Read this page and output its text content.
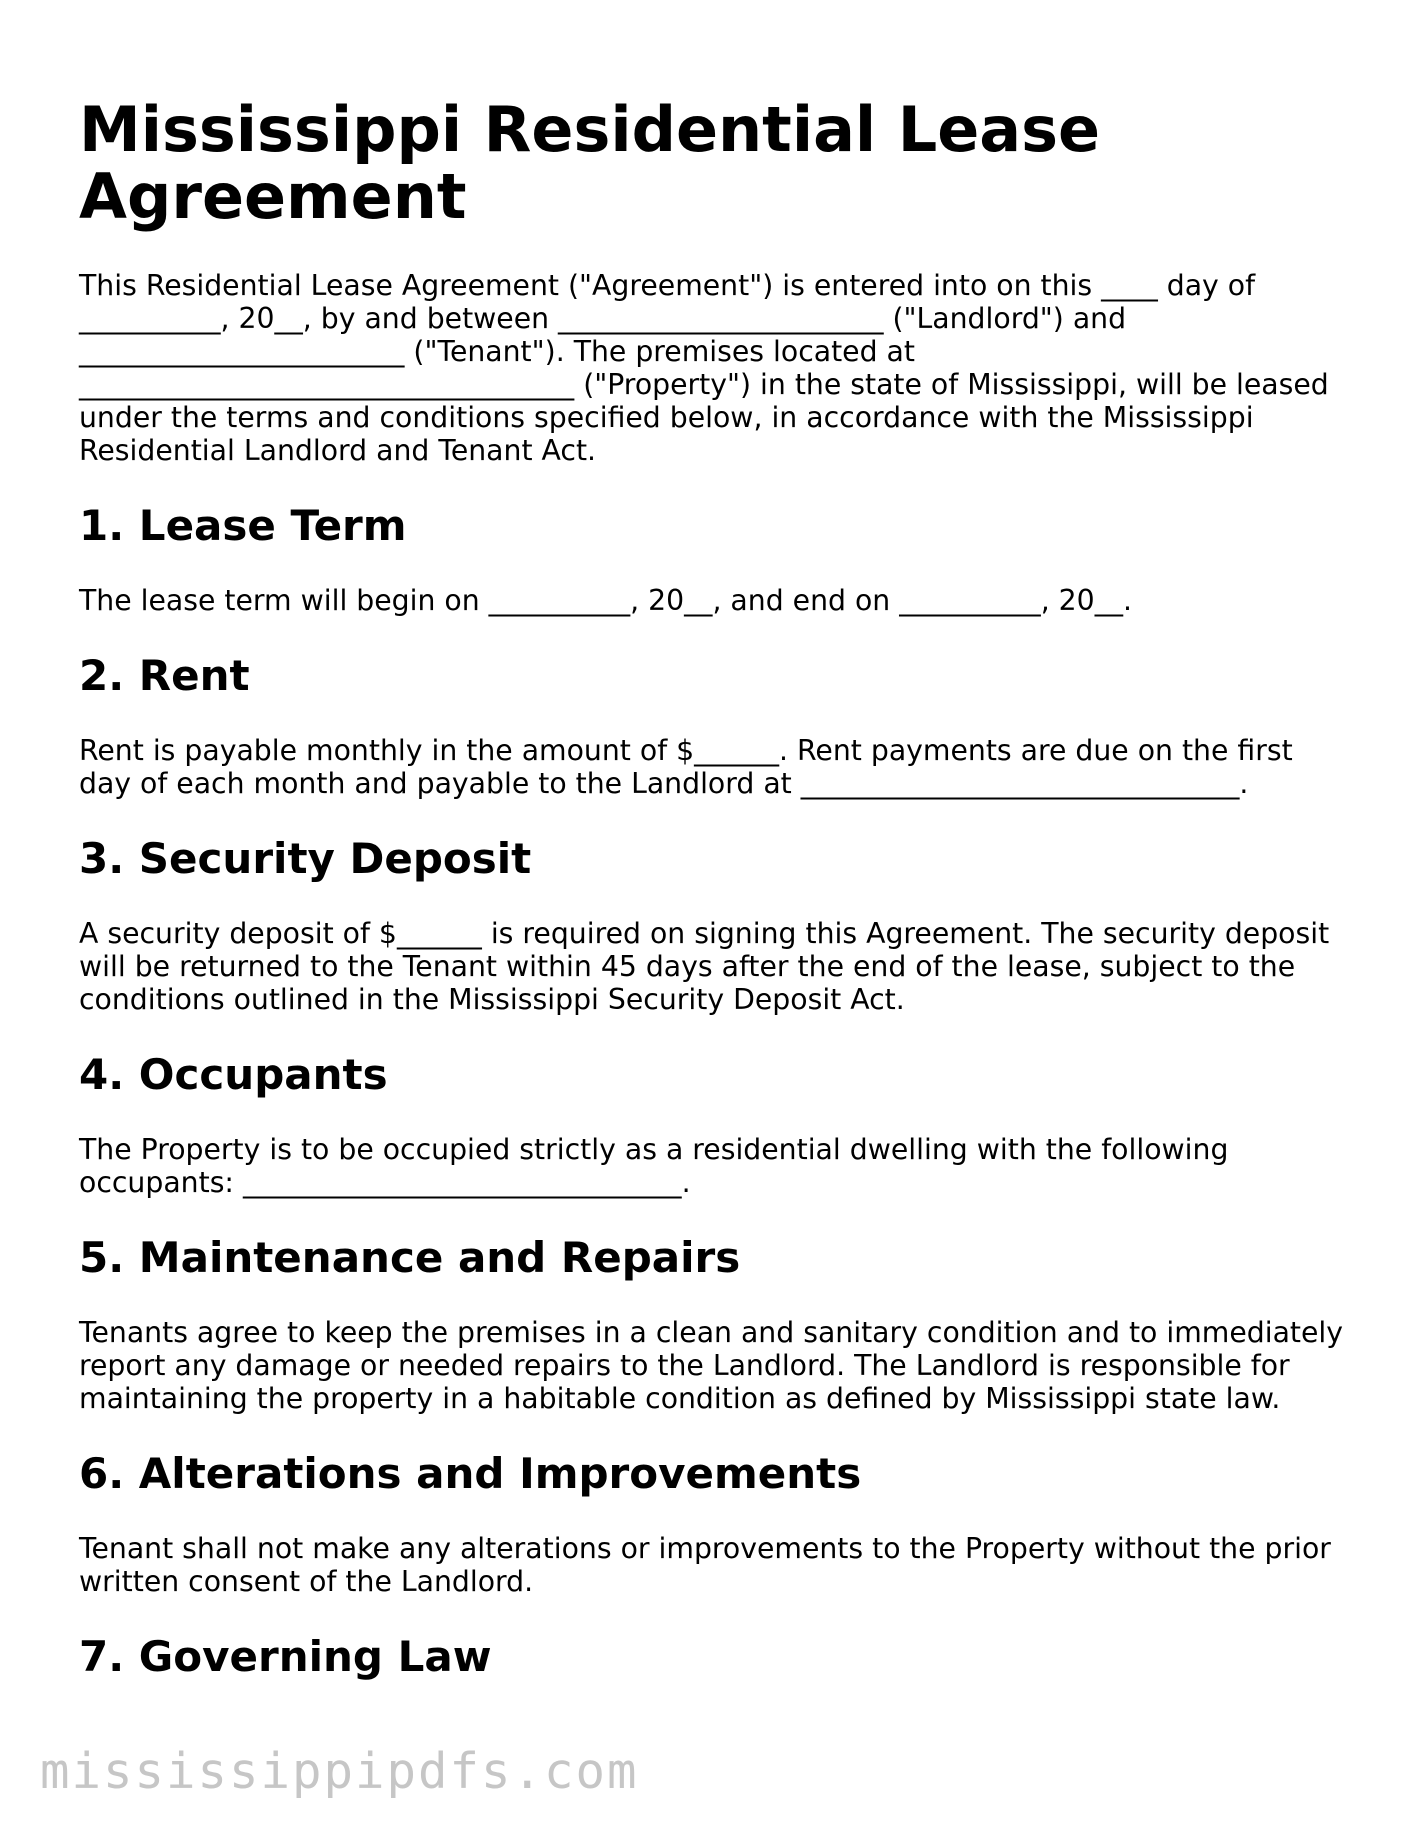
Mississippi Residential Lease Agreement

This Residential Lease Agreement ("Agreement") is entered into on this ____ day of __________, 20__, by and between _______________________ ("Landlord") and _______________________ ("Tenant"). The premises located at ___________________________________ ("Property") in the state of Mississippi, will be leased under the terms and conditions specified below, in accordance with the Mississippi Residential Landlord and Tenant Act.

1. Lease Term

The lease term will begin on __________, 20__, and end on __________, 20__.

2. Rent

Rent is payable monthly in the amount of $______. Rent payments are due on the first day of each month and payable to the Landlord at _______________________________.

3. Security Deposit

A security deposit of $______ is required on signing this Agreement. The security deposit will be returned to the Tenant within 45 days after the end of the lease, subject to the conditions outlined in the Mississippi Security Deposit Act.

4. Occupants

The Property is to be occupied strictly as a residential dwelling with the following occupants: _______________________________.

5. Maintenance and Repairs

Tenants agree to keep the premises in a clean and sanitary condition and to immediately report any damage or needed repairs to the Landlord. The Landlord is responsible for maintaining the property in a habitable condition as defined by Mississippi state law.

6. Alterations and Improvements

Tenant shall not make any alterations or improvements to the Property without the prior written consent of the Landlord.

7. Governing Law
mississippipdfs.com
